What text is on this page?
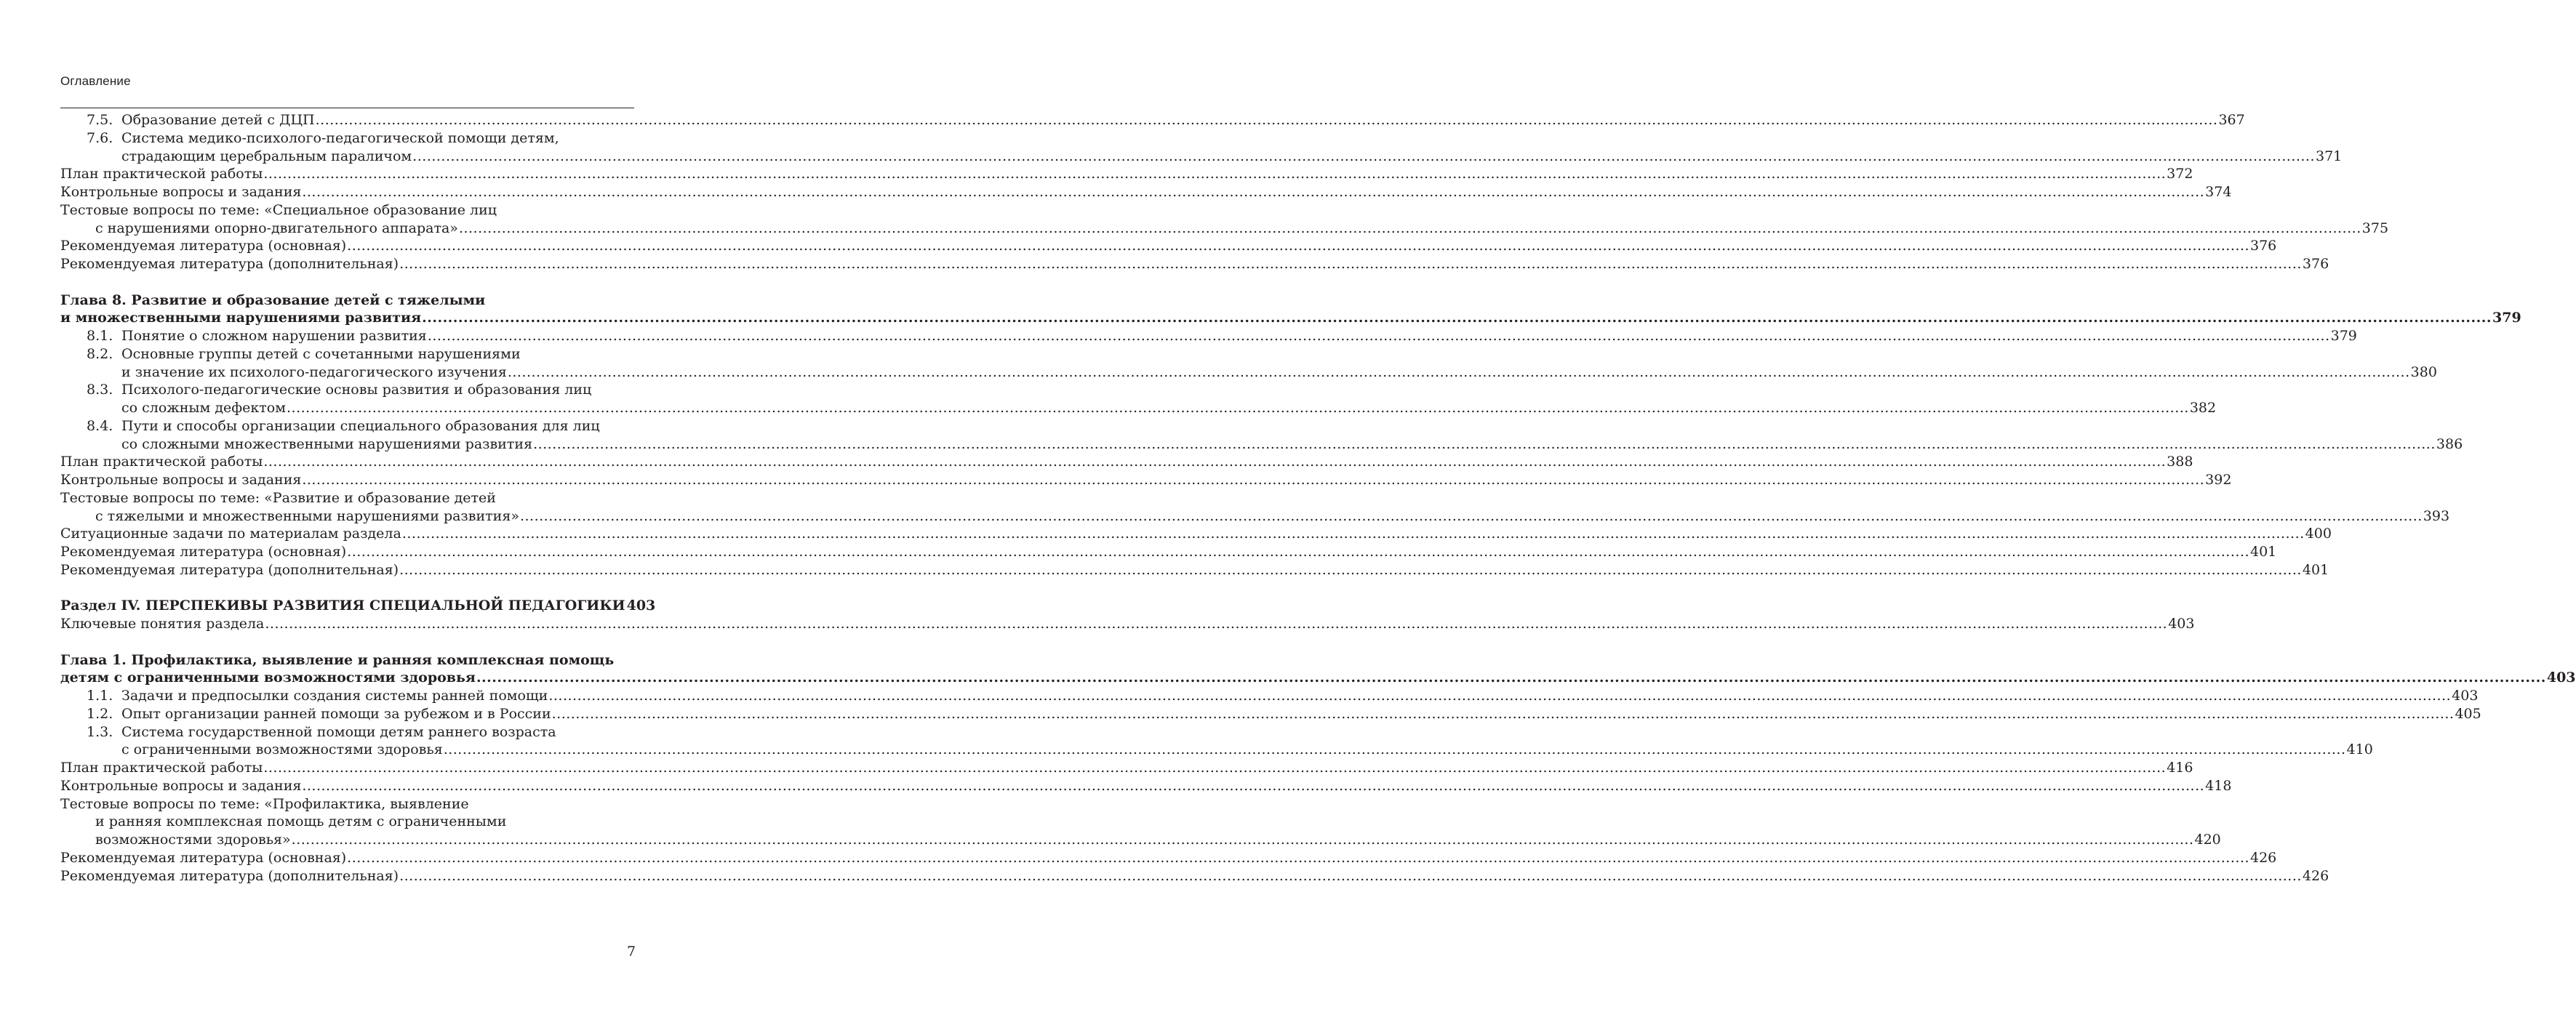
Оглавление
7.5. Образование детей с ДЦП ................................................................................................................................................................................................................................................................................................................................................................................................................ 367
7.6. Система медико-психолого-педагогической помощи детям,
страдающим церебральным параличом ................................................................................................................................................................................................................................................................................................................................................................................................................ 371
План практической работы ................................................................................................................................................................................................................................................................................................................................................................................................................ 372
Контрольные вопросы и задания ................................................................................................................................................................................................................................................................................................................................................................................................................ 374
Тестовые вопросы по теме: «Специальное образование лиц
с нарушениями опорно-двигательного аппарата» ................................................................................................................................................................................................................................................................................................................................................................................................................ 375
Рекомендуемая литература (основная) ................................................................................................................................................................................................................................................................................................................................................................................................................ 376
Рекомендуемая литература (дополнительная) ................................................................................................................................................................................................................................................................................................................................................................................................................ 376
Глава 8. Развитие и образование детей с тяжелыми
и множественными нарушениями развития ................................................................................................................................................................................................................................................................................................................................................................................................................ 379
8.1. Понятие о сложном нарушении развития ................................................................................................................................................................................................................................................................................................................................................................................................................ 379
8.2. Основные группы детей с сочетанными нарушениями
и значение их психолого-педагогического изучения ................................................................................................................................................................................................................................................................................................................................................................................................................ 380
8.3. Психолого-педагогические основы развития и образования лиц
со сложным дефектом ................................................................................................................................................................................................................................................................................................................................................................................................................ 382
8.4. Пути и способы организации специального образования для лиц
со сложными множественными нарушениями развития ................................................................................................................................................................................................................................................................................................................................................................................................................ 386
План практической работы ................................................................................................................................................................................................................................................................................................................................................................................................................ 388
Контрольные вопросы и задания ................................................................................................................................................................................................................................................................................................................................................................................................................ 392
Тестовые вопросы по теме: «Развитие и образование детей
с тяжелыми и множественными нарушениями развития» ................................................................................................................................................................................................................................................................................................................................................................................................................ 393
Ситуационные задачи по материалам раздела ................................................................................................................................................................................................................................................................................................................................................................................................................ 400
Рекомендуемая литература (основная) ................................................................................................................................................................................................................................................................................................................................................................................................................ 401
Рекомендуемая литература (дополнительная) ................................................................................................................................................................................................................................................................................................................................................................................................................ 401
Раздел IV. ПЕРСПЕКИВЫ РАЗВИТИЯ СПЕЦИАЛЬНОЙ ПЕДАГОГИКИ 403
Ключевые понятия раздела ................................................................................................................................................................................................................................................................................................................................................................................................................ 403
Глава 1. Профилактика, выявление и ранняя комплексная помощь
детям с ограниченными возможностями здоровья ................................................................................................................................................................................................................................................................................................................................................................................................................ 403
1.1. Задачи и предпосылки создания системы ранней помощи ................................................................................................................................................................................................................................................................................................................................................................................................................ 403
1.2. Опыт организации ранней помощи за рубежом и в России ................................................................................................................................................................................................................................................................................................................................................................................................................ 405
1.3. Система государственной помощи детям раннего возраста
с ограниченными возможностями здоровья ................................................................................................................................................................................................................................................................................................................................................................................................................ 410
План практической работы ................................................................................................................................................................................................................................................................................................................................................................................................................ 416
Контрольные вопросы и задания ................................................................................................................................................................................................................................................................................................................................................................................................................ 418
Тестовые вопросы по теме: «Профилактика, выявление
и ранняя комплексная помощь детям с ограниченными
возможностями здоровья» ................................................................................................................................................................................................................................................................................................................................................................................................................ 420
Рекомендуемая литература (основная) ................................................................................................................................................................................................................................................................................................................................................................................................................ 426
Рекомендуемая литература (дополнительная) ................................................................................................................................................................................................................................................................................................................................................................................................................ 426
7
